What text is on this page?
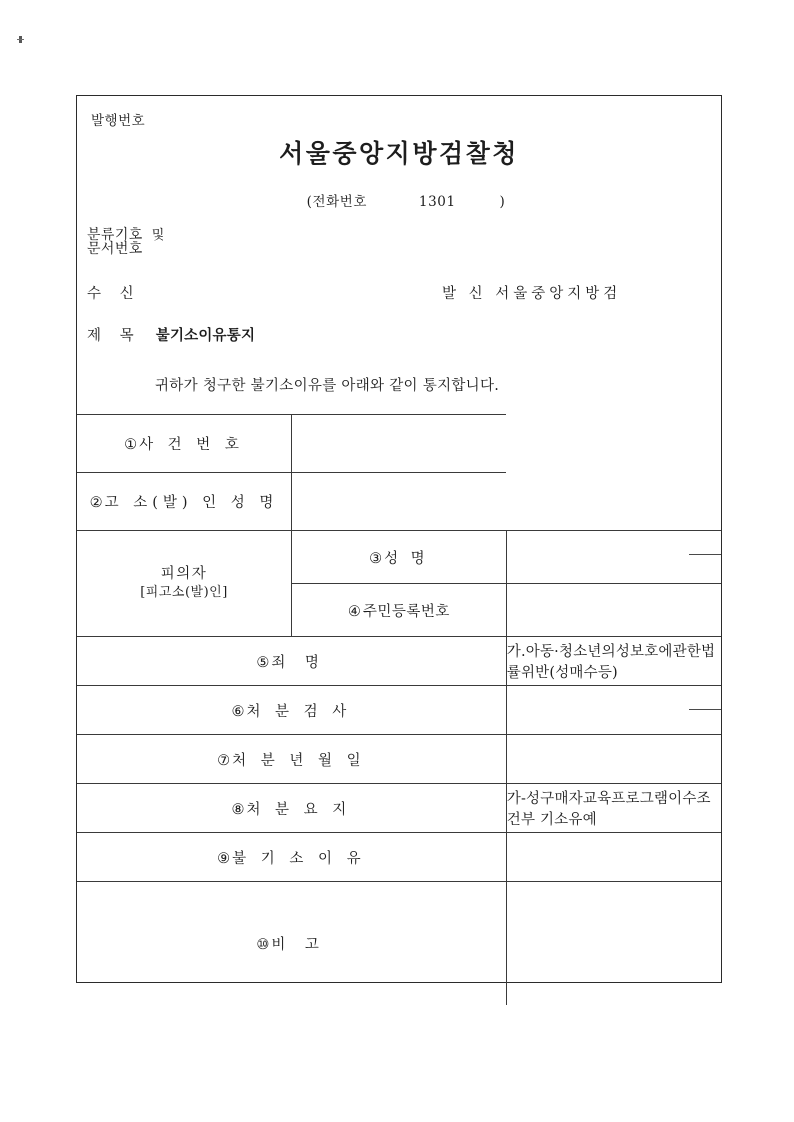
발행번호
서울중앙지방검찰청
(전화번호	1301	)
분류기호 및
문서번호
수 신	발 신 서울중앙지방검
제 목 불기소이유통지
귀하가 청구한 불기소이유를 아래와 같이 통지합니다.
① 사 건 번 호		
② 고 소(발) 인 성 명		
피의자
[피고소(발)인]	③ 성 명	
	④ 주민등록번호	
⑤ 죄 명		가.아동·청소년의성보호에관한법률위반(성매수등)
⑥ 처 분 검 사		
⑦ 처 분 년 월 일		
⑧ 처 분 요 지		가-성구매자교육프로그램이수조건부 기소유예
⑨ 불 기 소 이 유		
⑩ 비 고		
